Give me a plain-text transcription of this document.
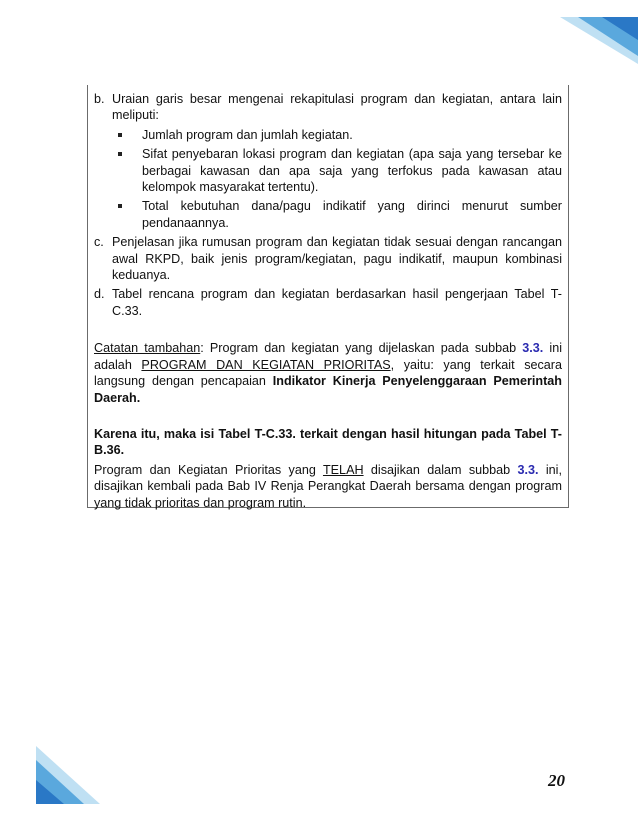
b. Uraian garis besar mengenai rekapitulasi program dan kegiatan, antara lain meliputi:
Jumlah program dan jumlah kegiatan.
Sifat penyebaran lokasi program dan kegiatan (apa saja yang tersebar ke berbagai kawasan dan apa saja yang terfokus pada kawasan atau kelompok masyarakat tertentu).
Total kebutuhan dana/pagu indikatif yang dirinci menurut sumber pendanaannya.
c. Penjelasan jika rumusan program dan kegiatan tidak sesuai dengan rancangan awal RKPD, baik jenis program/kegiatan, pagu indikatif, maupun kombinasi keduanya.
d. Tabel rencana program dan kegiatan berdasarkan hasil pengerjaan Tabel T-C.33.

Catatan tambahan: Program dan kegiatan yang dijelaskan pada subbab 3.3. ini adalah PROGRAM DAN KEGIATAN PRIORITAS, yaitu: yang terkait secara langsung dengan pencapaian Indikator Kinerja Penyelenggaraan Pemerintah Daerah.

Karena itu, maka isi Tabel T-C.33. terkait dengan hasil hitungan pada Tabel T-B.36.

Program dan Kegiatan Prioritas yang TELAH disajikan dalam subbab 3.3. ini, disajikan kembali pada Bab IV Renja Perangkat Daerah bersama dengan program yang tidak prioritas dan program rutin.

20
